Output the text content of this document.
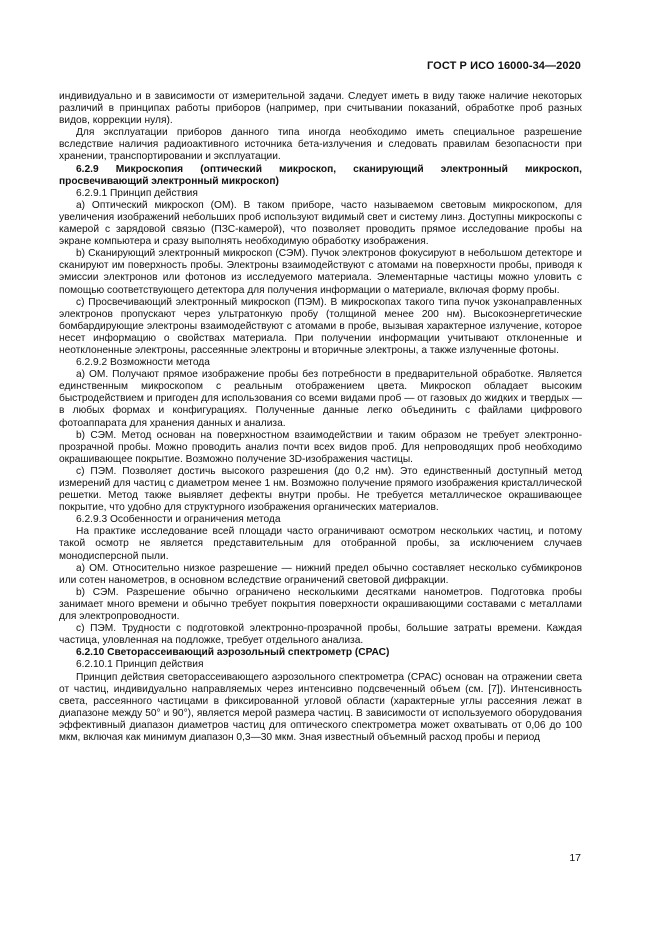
ГОСТ Р ИСО 16000-34—2020

индивидуально и в зависимости от измерительной задачи. Следует иметь в виду также наличие некоторых различий в принципах работы приборов (например, при считывании показаний, обработке проб разных видов, коррекции нуля).

Для эксплуатации приборов данного типа иногда необходимо иметь специальное разрешение вследствие наличия радиоактивного источника бета-излучения и следовать правилам безопасности при хранении, транспортировании и эксплуатации.

6.2.9 Микроскопия (оптический микроскоп, сканирующий электронный микроскоп, просвечивающий электронный микроскоп)

6.2.9.1 Принцип действия

a) Оптический микроскоп (ОМ). В таком приборе, часто называемом световым микроскопом, для увеличения изображений небольших проб используют видимый свет и систему линз. Доступны микроскопы с камерой с зарядовой связью (ПЗС-камерой), что позволяет проводить прямое исследование пробы на экране компьютера и сразу выполнять необходимую обработку изображения.

b) Сканирующий электронный микроскоп (СЭМ). Пучок электронов фокусируют в небольшом детекторе и сканируют им поверхность пробы. Электроны взаимодействуют с атомами на поверхности пробы, приводя к эмиссии электронов или фотонов из исследуемого материала. Элементарные частицы можно уловить с помощью соответствующего детектора для получения информации о материале, включая форму пробы.

c) Просвечивающий электронный микроскоп (ПЭМ). В микроскопах такого типа пучок узконаправленных электронов пропускают через ультратонкую пробу (толщиной менее 200 нм). Высокоэнергетические бомбардирующие электроны взаимодействуют с атомами в пробе, вызывая характерное излучение, которое несет информацию о свойствах материала. При получении информации учитывают отклоненные и неотклоненные электроны, рассеянные электроны и вторичные электроны, а также излученные фотоны.

6.2.9.2 Возможности метода

a) ОМ. Получают прямое изображение пробы без потребности в предварительной обработке. Является единственным микроскопом с реальным отображением цвета. Микроскоп обладает высоким быстродействием и пригоден для использования со всеми видами проб — от газовых до жидких и твердых — в любых формах и конфигурациях. Полученные данные легко объединить с файлами цифрового фотоаппарата для хранения данных и анализа.

b) СЭМ. Метод основан на поверхностном взаимодействии и таким образом не требует электронно-прозрачной пробы. Можно проводить анализ почти всех видов проб. Для непроводящих проб необходимо окрашивающее покрытие. Возможно получение 3D-изображения частицы.

c) ПЭМ. Позволяет достичь высокого разрешения (до 0,2 нм). Это единственный доступный метод измерений для частиц с диаметром менее 1 нм. Возможно получение прямого изображения кристаллической решетки. Метод также выявляет дефекты внутри пробы. Не требуется металлическое окрашивающее покрытие, что удобно для структурного изображения органических материалов.

6.2.9.3 Особенности и ограничения метода

На практике исследование всей площади часто ограничивают осмотром нескольких частиц, и потому такой осмотр не является представительным для отобранной пробы, за исключением случаев монодисперсной пыли.

a) ОМ. Относительно низкое разрешение — нижний предел обычно составляет несколько субмикронов или сотен нанометров, в основном вследствие ограничений световой дифракции.

b) СЭМ. Разрешение обычно ограничено несколькими десятками нанометров. Подготовка пробы занимает много времени и обычно требует покрытия поверхности окрашивающими составами с металлами для электропроводности.

c) ПЭМ. Трудности с подготовкой электронно-прозрачной пробы, большие затраты времени. Каждая частица, уловленная на подложке, требует отдельного анализа.

6.2.10 Светорассеивающий аэрозольный спектрометр (СРАС)

6.2.10.1 Принцип действия

Принцип действия светорассеивающего аэрозольного спектрометра (СРАС) основан на отражении света от частиц, индивидуально направляемых через интенсивно подсвеченный объем (см. [7]). Интенсивность света, рассеянного частицами в фиксированной угловой области (характерные углы рассеяния лежат в диапазоне между 50° и 90°), является мерой размера частиц. В зависимости от используемого оборудования эффективный диапазон диаметров частиц для оптического спектрометра может охватывать от 0,06 до 100 мкм, включая как минимум диапазон 0,3—30 мкм. Зная известный объемный расход пробы и период

17
